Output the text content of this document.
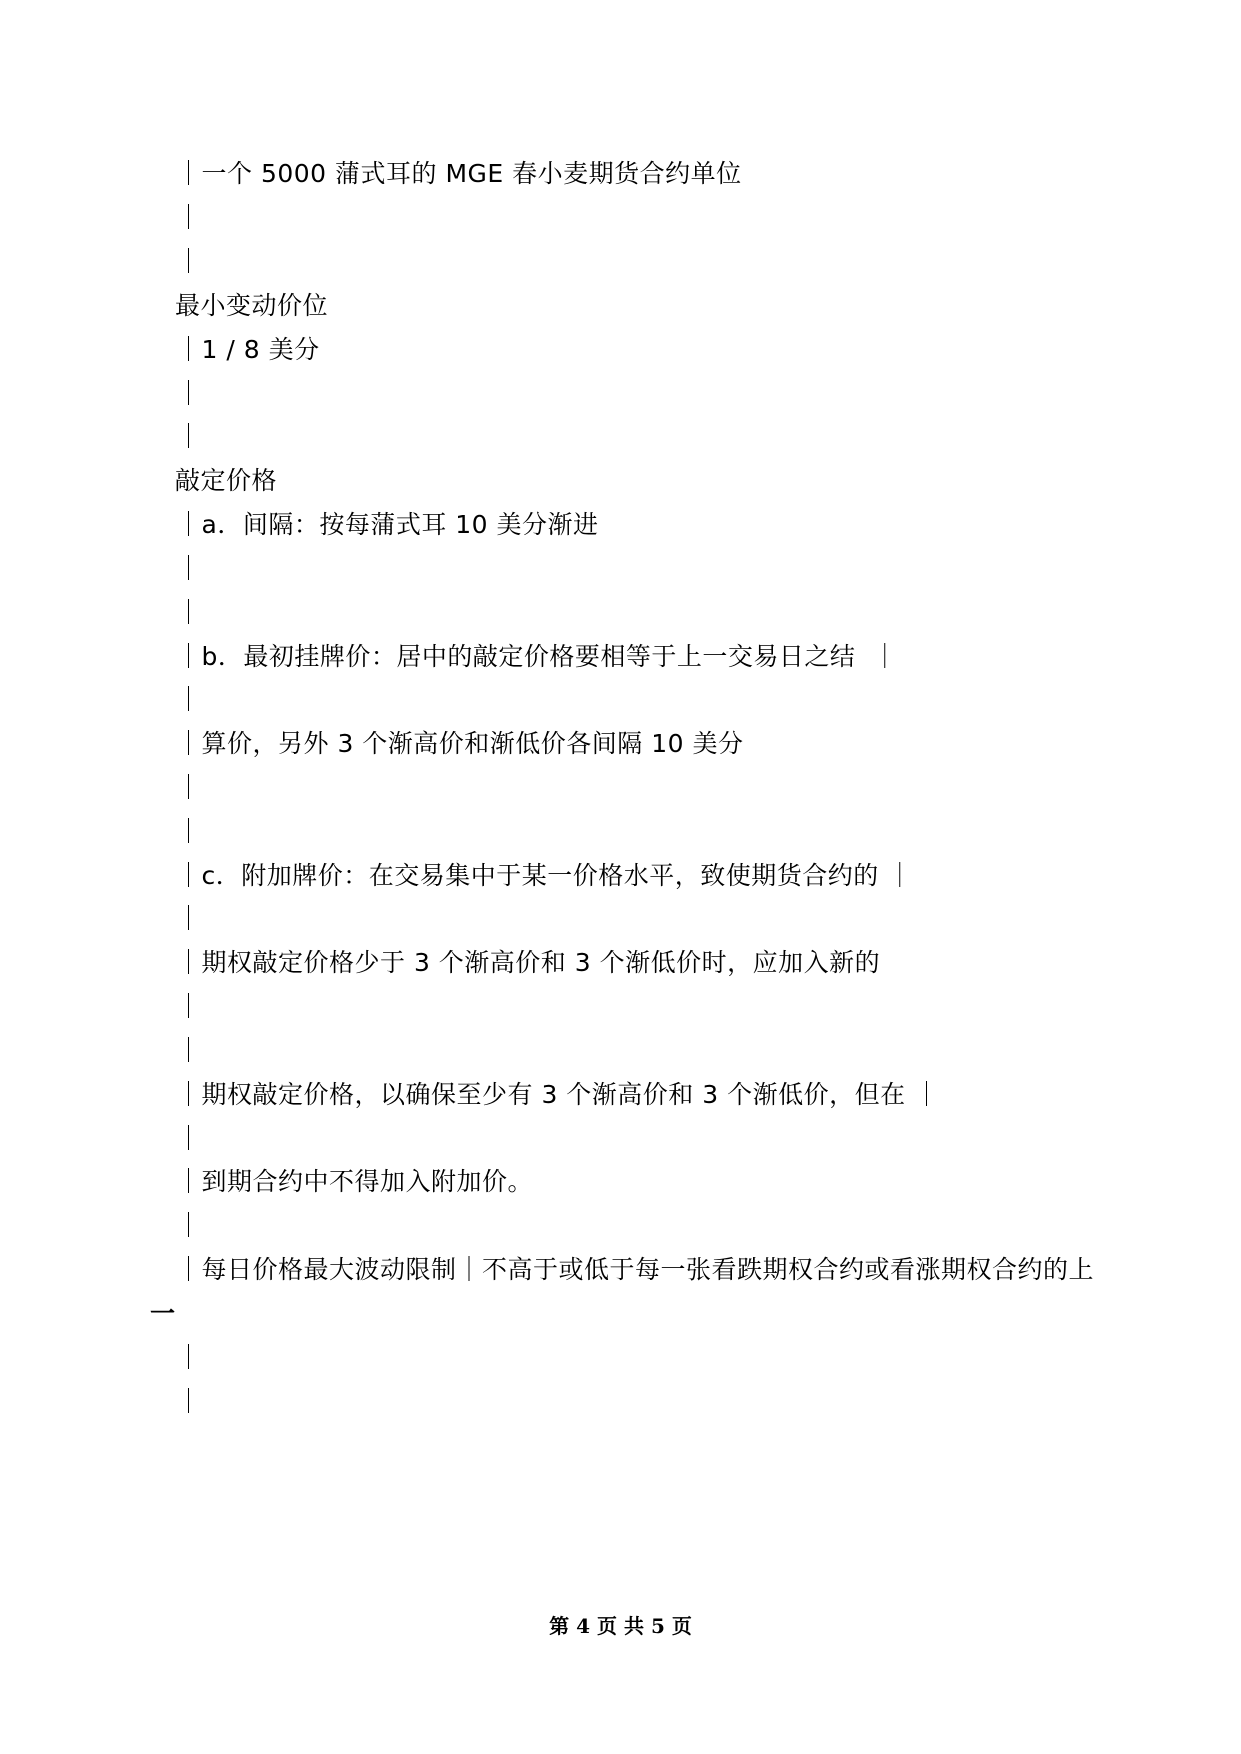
｜一个 5000 蒲式耳的 MGE 春小麦期货合约单位
｜
｜
最小变动价位
｜1 / 8 美分
｜
｜
敲定价格
｜a．间隔：按每蒲式耳 10 美分渐进
｜
｜
｜b．最初挂牌价：居中的敲定价格要相等于上一交易日之结  ｜
｜
｜算价，另外 3 个渐高价和渐低价各间隔 10 美分
｜
｜
｜c．附加牌价：在交易集中于某一价格水平，致使期货合约的 ｜
｜
｜期权敲定价格少于 3 个渐高价和 3 个渐低价时，应加入新的
｜
｜
｜期权敲定价格，以确保至少有 3 个渐高价和 3 个渐低价，但在 ｜
｜
｜到期合约中不得加入附加价。
｜
｜每日价格最大波动限制｜不高于或低于每一张看跌期权合约或看涨期权合约的上
一
｜
｜
第 4 页 共 5 页
